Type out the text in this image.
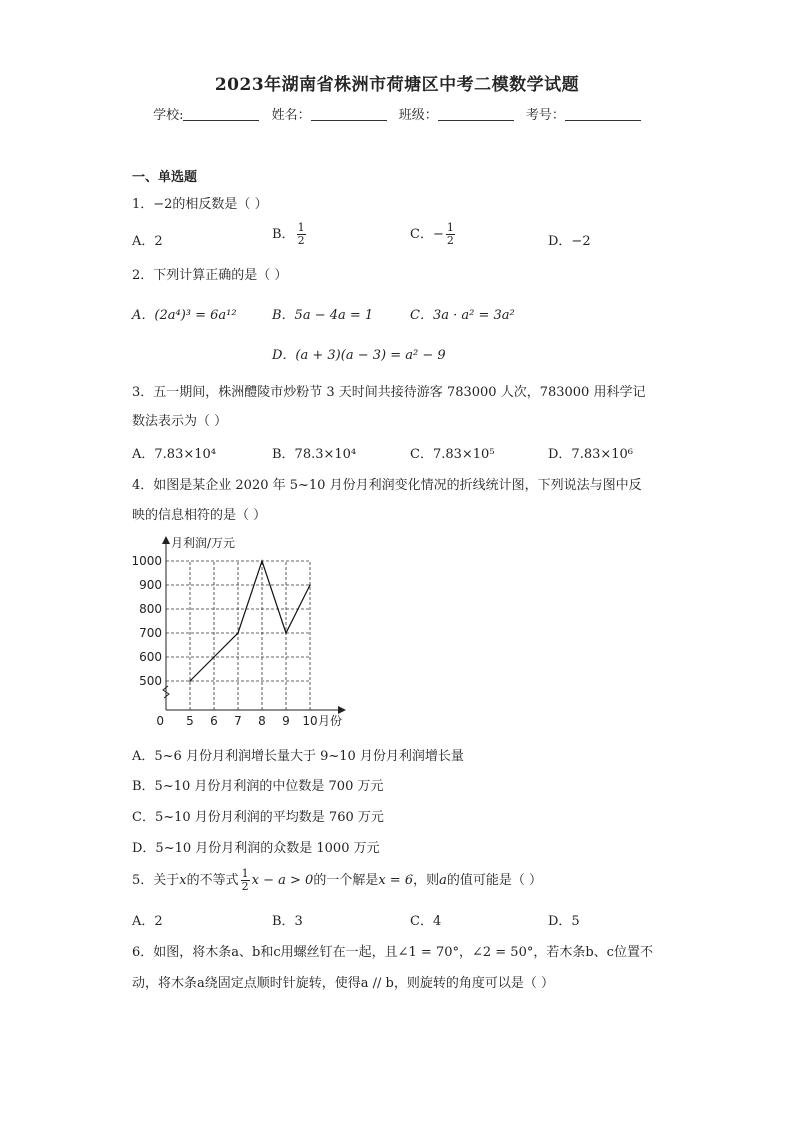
2023年湖南省株洲市荷塘区中考二模数学试题
学校:	姓名：	班级：	考号：
一、单选题
1．−2的相反数是（ ）
A．2	B． $\frac{1}{2}$	C．− $\frac{1}{2}$	D．−2
2．下列计算正确的是（ ）
A．(2a⁴)³ = 6a¹²	B．5a − 4a = 1	C．3a · a² = 3a²
D．(a + 3)(a − 3) = a² − 9
3．五一期间，株洲醴陵市炒粉节 3 天时间共接待游客 783000 人次，783000 用科学记
数法表示为（ ）
A．7.83×10⁴	B．78.3×10⁴	C．7.83×10⁵	D．7.83×10⁶
4．如图是某企业 2020 年 5~10 月份月利润变化情况的折线统计图，下列说法与图中反
映的信息相符的是（ ）
500
600
700
800
900
1000
5 6 7 8 9 10
0
月利润/万元
月份
A．5~6 月份月利润增长量大于 9~10 月份月利润增长量
B．5~10 月份月利润的中位数是 700 万元
C．5~10 月份月利润的平均数是 760 万元
D．5~10 月份月利润的众数是 1000 万元
5．关于x的不等式 $\frac{1}{2}$ x − a > 0的一个解是x = 6，则a的值可能是（ ）
A．2	B．3	C．4	D．5
6．如图，将木条a、b和c用螺丝钉在一起，且∠1 = 70°，∠2 = 50°，若木条b、c位置不
动，将木条a绕固定点顺时针旋转，使得a // b，则旋转的角度可以是（ ）
